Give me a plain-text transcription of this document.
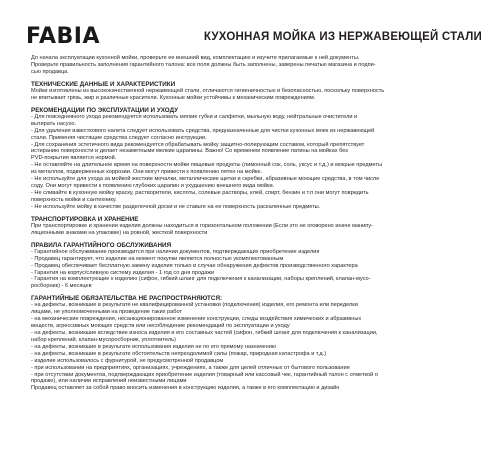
FABIA	КУХОННАЯ МОЙКА ИЗ НЕРЖАВЕЮЩЕЙ СТАЛИ
До начала эксплуатации кухонной мойки, проверьте ее внешний вид, комплектацию и изучите прилагаемые к ней документы.
Проверьте правильность заполнения гарантийного талона: все поля должны быть заполнены, заверены печатью магазина и подпи-
сью продавца.

ТЕХНИЧЕСКИЕ ДАННЫЕ И ХАРАКТЕРИСТИКИ

Мойки изготовлены из высококачественной нержавеющей стали, отличаются гигиеничностью и безопасностью, поскольку поверхность
не впитывает грязь, жир и различные красители. Кухонные мойки устойчивы к механическим повреждениям.

РЕКОМЕНДАЦИИ ПО ЭКСПЛУАТАЦИИ И УХОДУ

- Для повседневного ухода рекомендуется использовать мягкие губки и салфетки, мыльную воду, нейтральные очистители и
вытирать насухо.
- Для удаления известкового налета следует использовать средства, предназначенные для чистки кухонных моек из нержавеющей
стали. Применяя чистящие средства следует согласно инструкции.
- Для сохранения эстетичного вида рекомендуется обрабатывать мойку защитно-полирующим составом, который препятствует
истиранию поверхности и делает незаметными мелкие царапины. Важно! Со временем появление патины на мойках без
PVD-покрытия является нормой.
- Не оставляйте на длительное время на поверхности мойки пищевые продукты (лимонный сок, соль, уксус и т.д.) и мокрые предметы
из металлов, подверженных коррозии. Они могут привести к появлению пятен на мойке.
- Не используйте для ухода за мойкой жесткие мочалки, металлические щетки и скребки, абразивные моющие средства, в том числе
соду. Они могут привести к появлению глубоких царапин и ухудшению внешнего вида мойки.
- Не сливайте в кухонную мойку краску, растворители, кислоты, солевые растворы, клей, спирт, бензин и т.п они могут повредить
поверхность мойки и сантехнику.
- Не используйте мойку в качестве разделочной доски и не ставьте на ее поверхность раскаленные предметы.

ТРАНСПОРТИРОВКА И ХРАНЕНИЕ

При транспортировке и хранении изделия должны находиться в горизонтальном положении (Если это не оговорено иначе манипу-
ляционными знаками на упаковке) на ровной, жесткой поверхности

ПРАВИЛА ГАРАНТИЙНОГО ОБСЛУЖИВАНИЯ

- Гарантийное обслуживание производится при наличии документов, подтверждающих приобретение изделия
- Продавец гарантирует, что изделие на момент покупки является полностью укомплектованным
- Продавец обеспечивает бесплатную замену изделия только в случае обнаружения дефектов производственного характера
- Гарантия на корпус/сливную систему изделия - 1 год со дня продажи
- Гарантия на комплектующие к изделию (сифон, гибкий шланг для подключения к канализации, наборы креплений, клапан-мусо-
росборник) - 6 месяцев

ГАРАНТИЙНЫЕ ОБЯЗАТЕЛЬСТВА НЕ РАСПРОСТРАНЯЮТСЯ:

- на дефекты, возникшие в результате не квалифицированной установки (подключения) изделия, его ремонта или переделки
лицами, не уполномоченными на проведение таких работ
- на механические повреждения, несанкционированное изменение конструкции, следы воздействия химических и абразивных
веществ, агрессивных моющих средств или несоблюдение рекомендаций по эксплуатации и уходу
- на дефекты, возникшие вследствие износа изделия и его составных частей (сифон, гибкий шланг для подключения к канализации,
набор креплений, клапан-мусоросборник, уплотнитель)
- на дефекты, возникшие в результате использования изделия не по его прямому назначению
- на дефекты, возникшие в результате обстоятельств непреодолимой силы (пожар, природная катастрофа и т.д.)
- изделие использовалось с фурнитурой, не предусмотренной продавцом
- при использовании на предприятиях, организациях, учреждениях, а также для целей отличных от бытового пользования
- при отсутствии документов, подтверждающих приобретение изделия (товарный или кассовый чек, гарантийный талон с отметкой о
продаже), или наличии исправлений неизвестными лицами
Продавец оставляет за собой право вносить изменения в конструкцию изделия, а также в его комплектацию и дизайн
